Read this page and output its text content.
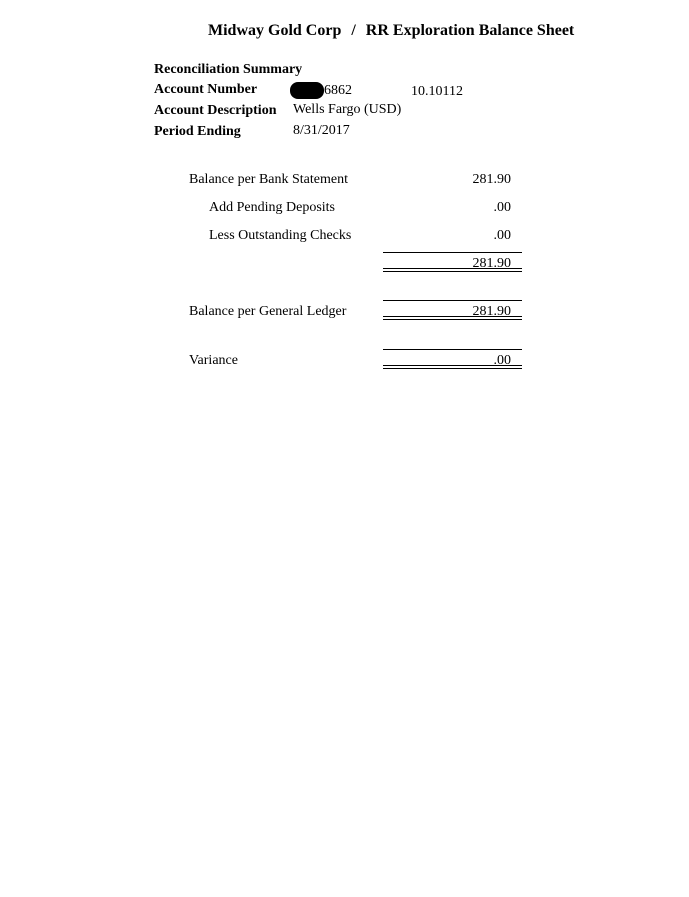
Midway Gold Corp / RR Exploration Balance Sheet
Reconciliation Summary
Account Number	6862	10.10112
Account Description Wells Fargo (USD)
Period Ending	8/31/2017
Balance per Bank Statement	281.90
Add Pending Deposits	.00
Less Outstanding Checks	.00
281.90
Balance per General Ledger	281.90
Variance	.00
